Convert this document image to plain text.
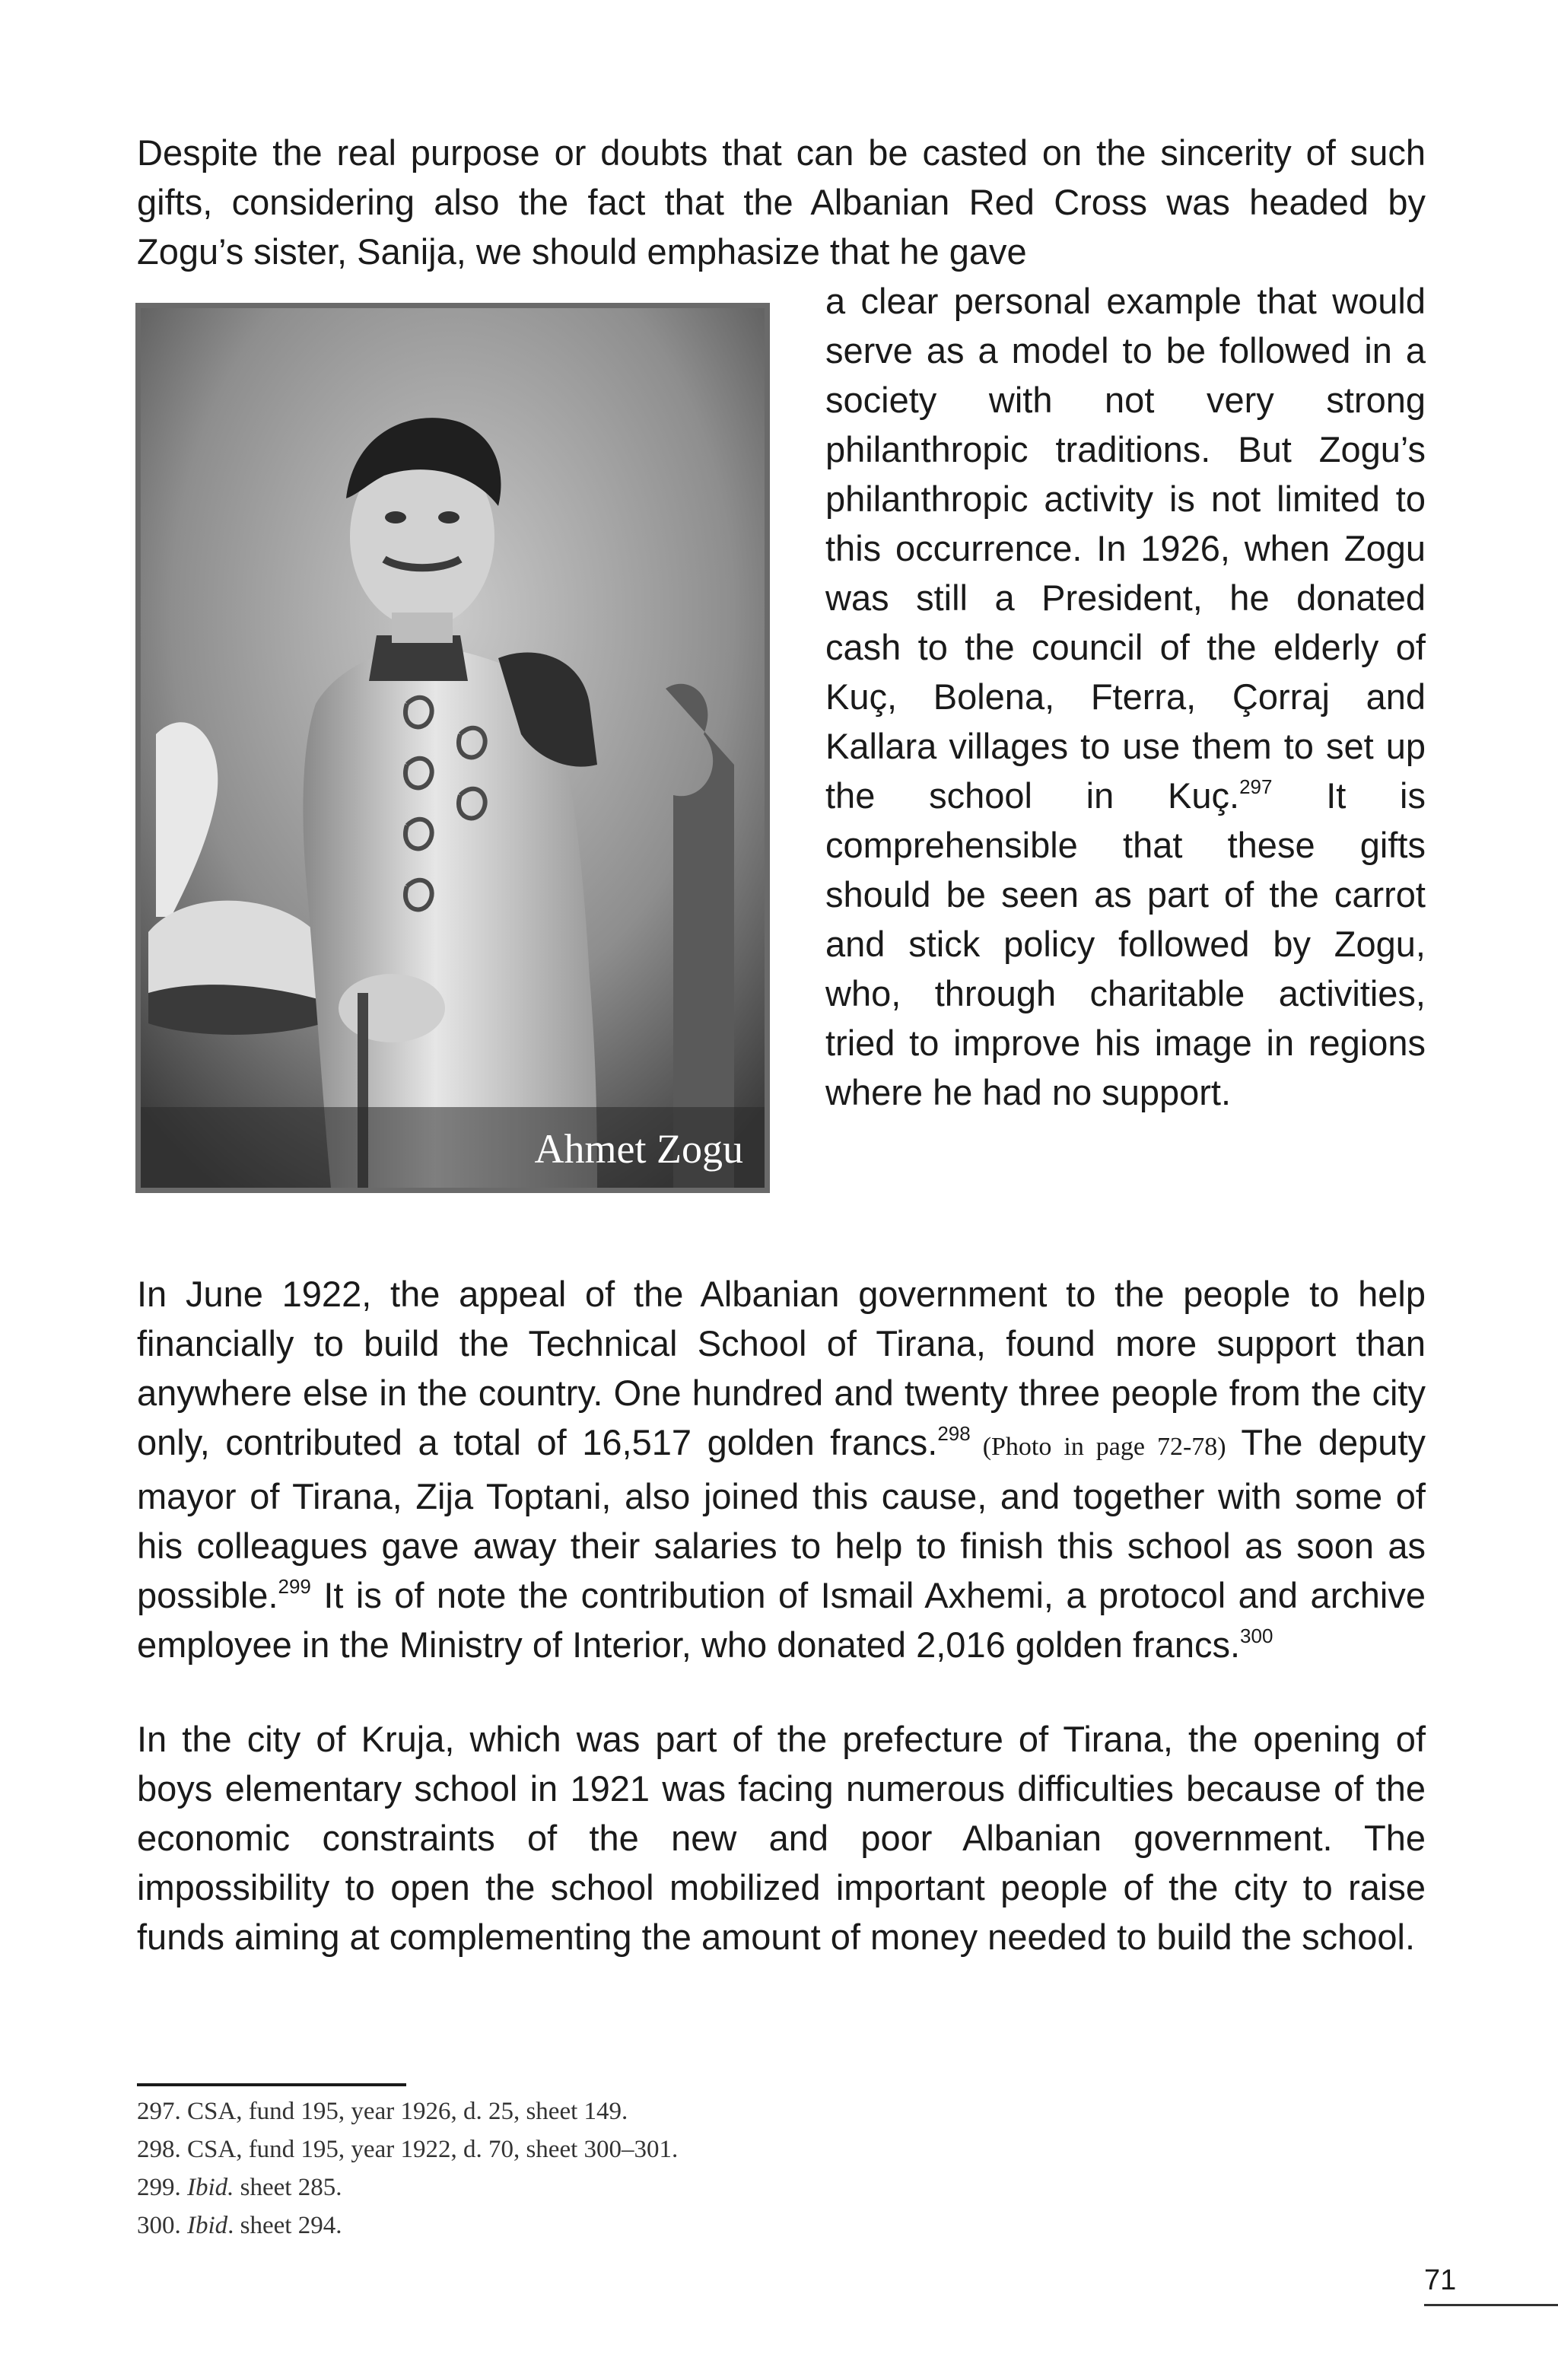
Despite the real purpose or doubts that can be casted on the sincerity of such gifts, considering also the fact that the Albanian Red Cross was headed by Zogu’s sister, Sanija, we should emphasize that he gave

Ahmet Zogu

a clear personal example that would serve as a model to be followed in a society with not very strong philanthropic traditions. But Zogu’s philanthropic activity is not limited to this occurrence. In 1926, when Zogu was still a President, he donated cash to the council of the elderly of Kuç, Bolena, Fterra, Çorraj and Kallara villages to use them to set up the school in Kuç.$^{297}$ It is comprehensible that these gifts should be seen as part of the carrot and stick policy followed by Zogu, who, through charitable activities, tried to improve his image in regions where he had no support.

In June 1922, the appeal of the Albanian government to the people to help financially to build the Technical School of Tirana, found more support than anywhere else in the country. One hundred and twenty three people from the city only, contributed a total of 16,517 golden francs.$^{298}$ (Photo in page 72-78) The deputy mayor of Tirana, Zija Toptani, also joined this cause, and together with some of his colleagues gave away their salaries to help to finish this school as soon as possible.$^{299}$ It is of note the contribution of Ismail Axhemi, a protocol and archive employee in the Ministry of Interior, who donated 2,016 golden francs.$^{300}$

In the city of Kruja, which was part of the prefecture of Tirana, the opening of boys elementary school in 1921 was facing numerous difficulties because of the economic constraints of the new and poor Albanian government. The impossibility to open the school mobilized important people of the city to raise funds aiming at complementing the amount of money needed to build the school.

297. CSA, fund 195, year 1926, d. 25, sheet 149.
298. CSA, fund 195, year 1922, d. 70, sheet 300–301.
299. Ibid. sheet 285.
300. Ibid. sheet 294.
71
